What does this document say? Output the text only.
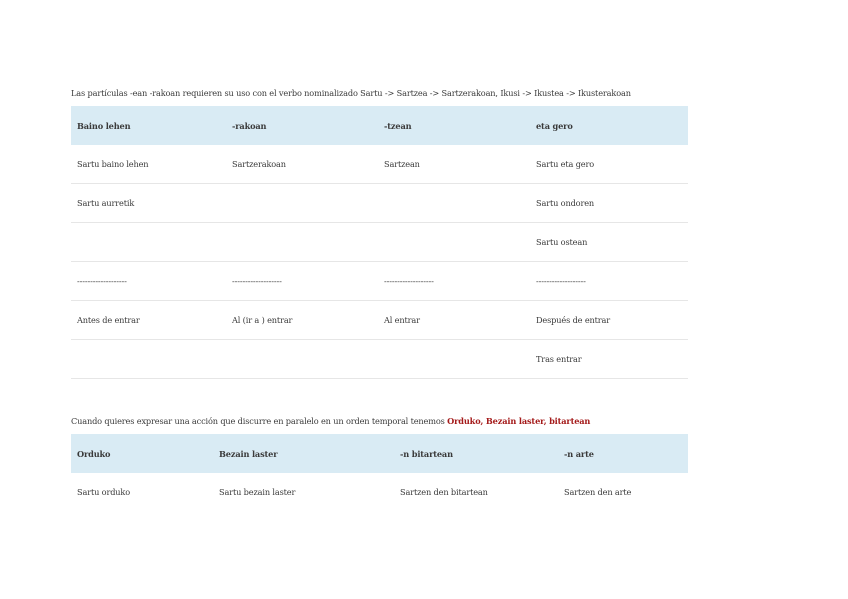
Las partículas -ean -rakoan requieren su uso con el verbo nominalizado Sartu -> Sartzea -> Sartzerakoan, Ikusi -> Ikustea -> Ikusterakoan
Baino lehen	-rakoan	-tzean	eta gero
Sartu baino lehen	Sartzerakoan	Sartzean	Sartu eta gero
Sartu aurretik			Sartu ondoren
			Sartu ostean
-------------------	-------------------	-------------------	-------------------
Antes de entrar	Al (ir a ) entrar	Al entrar	Después de entrar
			Tras entrar
Cuando quieres expresar una acción que discurre en paralelo en un orden temporal tenemos Orduko, Bezain laster, bitartean
Orduko	Bezain laster	-n bitartean	-n arte
Sartu orduko	Sartu bezain laster	Sartzen den bitartean	Sartzen den arte
